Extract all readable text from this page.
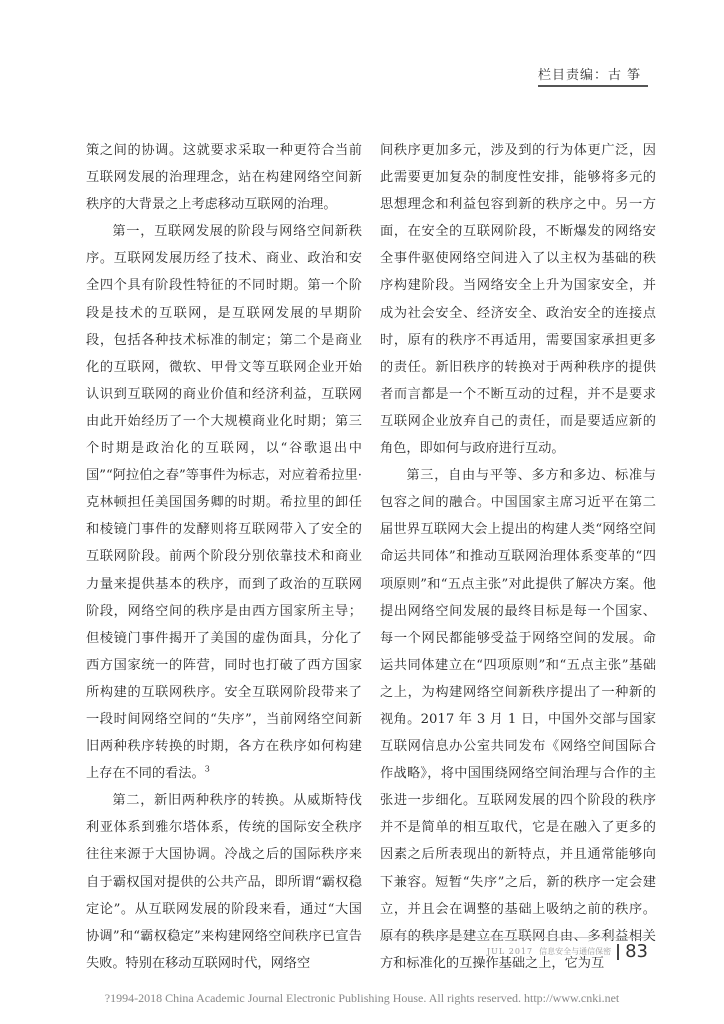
栏目责编：古 筝

策之间的协调。这就要求采取一种更符合当前互联网发展的治理理念，站在构建网络空间新秩序的大背景之上考虑移动互联网的治理。

第一，互联网发展的阶段与网络空间新秩序。互联网发展历经了技术、商业、政治和安全四个具有阶段性特征的不同时期。第一个阶段是技术的互联网，是互联网发展的早期阶段，包括各种技术标准的制定；第二个是商业化的互联网，微软、甲骨文等互联网企业开始认识到互联网的商业价值和经济利益，互联网由此开始经历了一个大规模商业化时期；第三个时期是政治化的互联网，以“谷歌退出中国”“阿拉伯之春”等事件为标志，对应着希拉里·克林顿担任美国国务卿的时期。希拉里的卸任和棱镜门事件的发酵则将互联网带入了安全的互联网阶段。前两个阶段分别依靠技术和商业力量来提供基本的秩序，而到了政治的互联网阶段，网络空间的秩序是由西方国家所主导；但棱镜门事件揭开了美国的虚伪面具，分化了西方国家统一的阵营，同时也打破了西方国家所构建的互联网秩序。安全互联网阶段带来了一段时间网络空间的“失序”，当前网络空间新旧两种秩序转换的时期，各方在秩序如何构建上存在不同的看法。$^3$

第二，新旧两种秩序的转换。从威斯特伐利亚体系到雅尔塔体系，传统的国际安全秩序往往来源于大国协调。冷战之后的国际秩序来自于霸权国对提供的公共产品，即所谓“霸权稳定论”。从互联网发展的阶段来看，通过“大国协调”和“霸权稳定”来构建网络空间秩序已宣告失败。特别在移动互联网时代，网络空

间秩序更加多元，涉及到的行为体更广泛，因此需要更加复杂的制度性安排，能够将多元的思想理念和利益包容到新的秩序之中。另一方面，在安全的互联网阶段，不断爆发的网络安全事件驱使网络空间进入了以主权为基础的秩序构建阶段。当网络安全上升为国家安全，并成为社会安全、经济安全、政治安全的连接点时，原有的秩序不再适用，需要国家承担更多的责任。新旧秩序的转换对于两种秩序的提供者而言都是一个不断互动的过程，并不是要求互联网企业放弃自己的责任，而是要适应新的角色，即如何与政府进行互动。

第三，自由与平等、多方和多边、标准与包容之间的融合。中国国家主席习近平在第二届世界互联网大会上提出的构建人类“网络空间命运共同体”和推动互联网治理体系变革的“四项原则”和“五点主张”对此提供了解决方案。他提出网络空间发展的最终目标是每一个国家、每一个网民都能够受益于网络空间的发展。命运共同体建立在“四项原则”和“五点主张”基础之上，为构建网络空间新秩序提出了一种新的视角。2017 年 3 月 1 日，中国外交部与国家互联网信息办公室共同发布《网络空间国际合作战略》，将中国围绕网络空间治理与合作的主张进一步细化。互联网发展的四个阶段的秩序并不是简单的相互取代，它是在融入了更多的因素之后所表现出的新特点，并且通常能够向下兼容。短暂“失序”之后，新的秩序一定会建立，并且会在调整的基础上吸纳之前的秩序。原有的秩序是建立在互联网自由、多利益相关方和标准化的互操作基础之上，它为互

JUL 2017 信息安全与通信保密 83
?1994-2018 China Academic Journal Electronic Publishing House. All rights reserved. http://www.cnki.net
